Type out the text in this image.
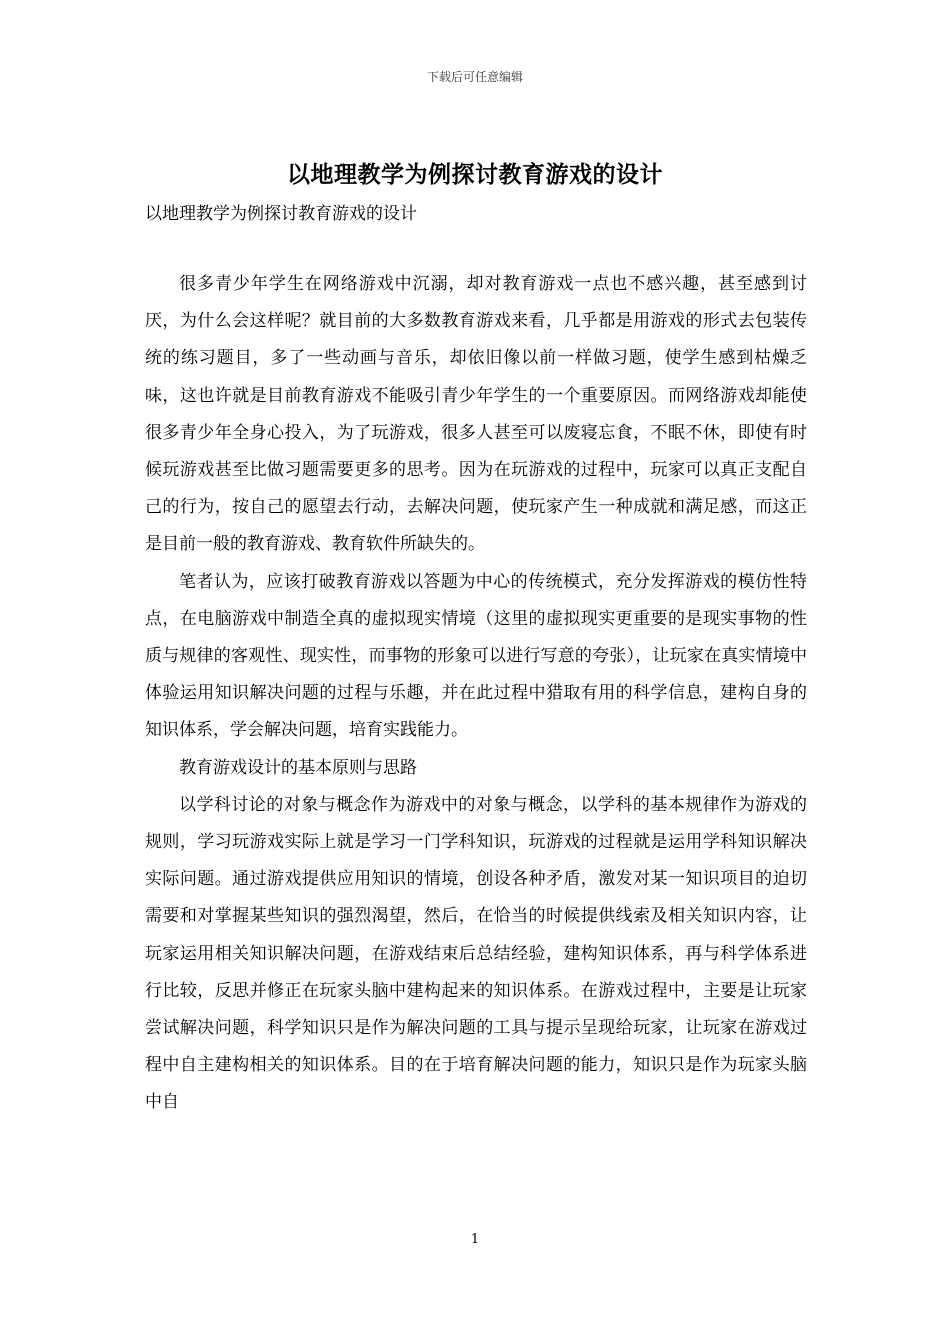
下载后可任意编辑
以地理教学为例探讨教育游戏的设计
以地理教学为例探讨教育游戏的设计

很多青少年学生在网络游戏中沉溺，却对教育游戏一点也不感兴趣，甚至感到讨厌，为什么会这样呢？就目前的大多数教育游戏来看，几乎都是用游戏的形式去包装传统的练习题目，多了一些动画与音乐，却依旧像以前一样做习题，使学生感到枯燥乏味，这也许就是目前教育游戏不能吸引青少年学生的一个重要原因。而网络游戏却能使很多青少年全身心投入，为了玩游戏，很多人甚至可以废寝忘食，不眠不休，即使有时候玩游戏甚至比做习题需要更多的思考。因为在玩游戏的过程中，玩家可以真正支配自己的行为，按自己的愿望去行动，去解决问题，使玩家产生一种成就和满足感，而这正是目前一般的教育游戏、教育软件所缺失的。

笔者认为，应该打破教育游戏以答题为中心的传统模式，充分发挥游戏的模仿性特点，在电脑游戏中制造全真的虚拟现实情境（这里的虚拟现实更重要的是现实事物的性质与规律的客观性、现实性，而事物的形象可以进行写意的夸张），让玩家在真实情境中体验运用知识解决问题的过程与乐趣，并在此过程中猎取有用的科学信息，建构自身的知识体系，学会解决问题，培育实践能力。

教育游戏设计的基本原则与思路

以学科讨论的对象与概念作为游戏中的对象与概念，以学科的基本规律作为游戏的规则，学习玩游戏实际上就是学习一门学科知识，玩游戏的过程就是运用学科知识解决实际问题。通过游戏提供应用知识的情境，创设各种矛盾，激发对某一知识项目的迫切需要和对掌握某些知识的强烈渴望，然后，在恰当的时候提供线索及相关知识内容，让玩家运用相关知识解决问题，在游戏结束后总结经验，建构知识体系，再与科学体系进行比较，反思并修正在玩家头脑中建构起来的知识体系。在游戏过程中，主要是让玩家尝试解决问题，科学知识只是作为解决问题的工具与提示呈现给玩家，让玩家在游戏过程中自主建构相关的知识体系。目的在于培育解决问题的能力，知识只是作为玩家头脑中自

1
